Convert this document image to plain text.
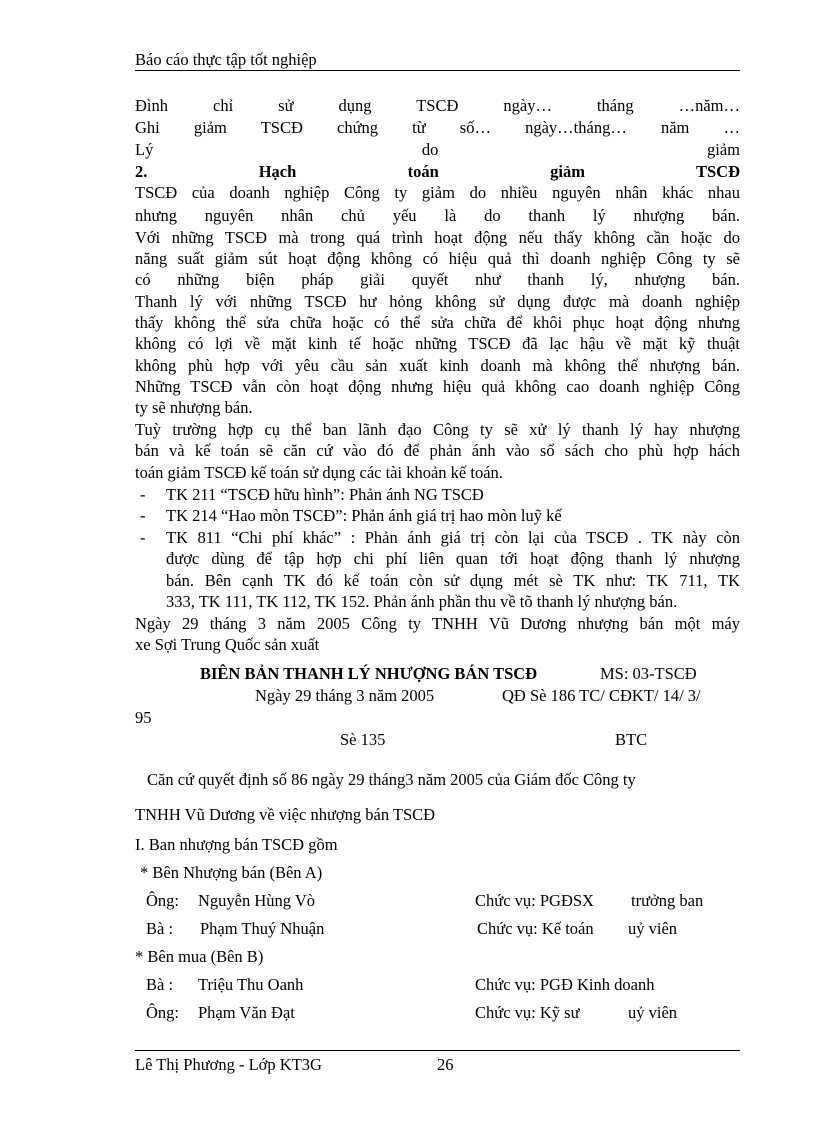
Báo cáo thực tập tốt nghiệp
Đình chỉ sử dụng TSCĐ ngày… tháng …năm…
Ghi giảm TSCĐ chứng từ số… ngày…tháng… năm …
Lý do giảm
2. Hạch toán giảm TSCĐ
TSCĐ của doanh nghiệp Công ty giảm do nhiều nguyên nhân khác nhau
nhưng nguyên nhân chủ yếu là do thanh lý nhượng bán.
Với những TSCĐ mà trong quá trình hoạt động nếu thấy không cần hoặc do
năng suất giảm sút hoạt động không có hiệu quả thì doanh nghiệp Công ty sẽ
có những biện pháp giải quyết như thanh lý, nhượng bán.
Thanh lý với những TSCĐ hư hỏng không sử dụng được mà doanh nghiệp
thấy không thể sửa chữa hoặc có thể sửa chữa để khôi phục hoạt động nhưng
không có lợi về mặt kinh tế hoặc những TSCĐ đã lạc hậu về mặt kỹ thuật
không phù hợp với yêu cầu sản xuất kinh doanh mà không thể nhượng bán.
Những TSCĐ vẫn còn hoạt động nhưng hiệu quả không cao doanh nghiệp Công
ty sẽ nhượng bán.
Tuỳ trường hợp cụ thể ban lãnh đạo Công ty sẽ xử lý thanh lý hay nhượng
bán và kế toán sẽ căn cứ vào đó để phản ánh vào sổ sách cho phù hợp hách
toán giảm TSCĐ kế toán sử dụng các tài khoản kế toán.
- TK 211 “TSCĐ hữu hình”: Phản ánh NG TSCĐ
- TK 214 “Hao mòn TSCĐ”: Phản ánh giá trị hao mòn luỹ kế
- TK 811 “Chi phí khác” : Phản ánh giá trị còn lại của TSCĐ . TK này còn
được dùng để tập hợp chi phí liên quan tới hoạt động thanh lý nhượng
bán. Bên cạnh TK đó kế toán còn sử dụng mét sè TK như: TK 711, TK
333, TK 111, TK 112, TK 152. Phản ánh phần thu về tõ thanh lý nhượng bán.
Ngày 29 tháng 3 năm 2005 Công ty TNHH Vũ Dương nhượng bán một máy
xe Sợi Trung Quốc sản xuất
BIÊN BẢN THANH LÝ NHƯỢNG BÁN TSCĐ	MS: 03-TSCĐ
Ngày 29 tháng 3 năm 2005	QĐ Sè 186 TC/ CĐKT/ 14/ 3/
95
Sè 135	BTC
Căn cứ quyết định số 86 ngày 29 tháng3 năm 2005 của Giám đốc Công ty
TNHH Vũ Dương về việc nhượng bán TSCĐ
I. Ban nhượng bán TSCĐ gồm
* Bên Nhượng bán (Bên A)
Ông: Nguyễn Hùng Vò	Chức vụ: PGĐSX trưởng ban
Bà : Phạm Thuý Nhuận	Chức vụ: Kế toán uỷ viên
* Bên mua (Bên B)
Bà : Triệu Thu Oanh	Chức vụ: PGĐ Kinh doanh
Ông: Phạm Văn Đạt	Chức vụ: Kỹ sư	uỷ viên
Lê Thị Phương - Lớp KT3G	26
